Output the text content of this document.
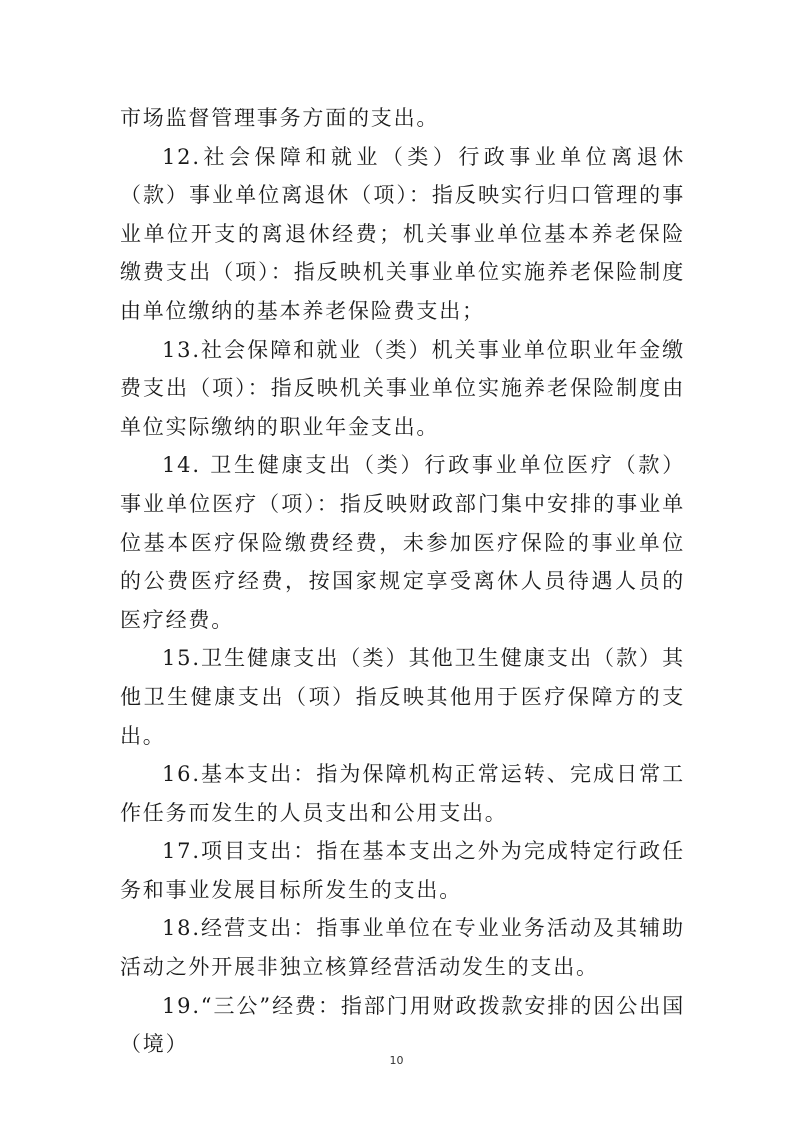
市场监督管理事务方面的支出。

12.社会保障和就业（类）行政事业单位离退休（款）事业单位离退休（项）：指反映实行归口管理的事业单位开支的离退休经费；机关事业单位基本养老保险缴费支出（项）：指反映机关事业单位实施养老保险制度由单位缴纳的基本养老保险费支出；

13.社会保障和就业（类）机关事业单位职业年金缴费支出（项）：指反映机关事业单位实施养老保险制度由单位实际缴纳的职业年金支出。

14. 卫生健康支出（类）行政事业单位医疗（款）事业单位医疗（项）：指反映财政部门集中安排的事业单位基本医疗保险缴费经费，未参加医疗保险的事业单位的公费医疗经费，按国家规定享受离休人员待遇人员的医疗经费。

15.卫生健康支出（类）其他卫生健康支出（款）其他卫生健康支出（项）指反映其他用于医疗保障方的支出。

16.基本支出：指为保障机构正常运转、完成日常工作任务而发生的人员支出和公用支出。

17.项目支出：指在基本支出之外为完成特定行政任务和事业发展目标所发生的支出。

18.经营支出：指事业单位在专业业务活动及其辅助活动之外开展非独立核算经营活动发生的支出。

19.“三公”经费：指部门用财政拨款安排的因公出国（境）

10
